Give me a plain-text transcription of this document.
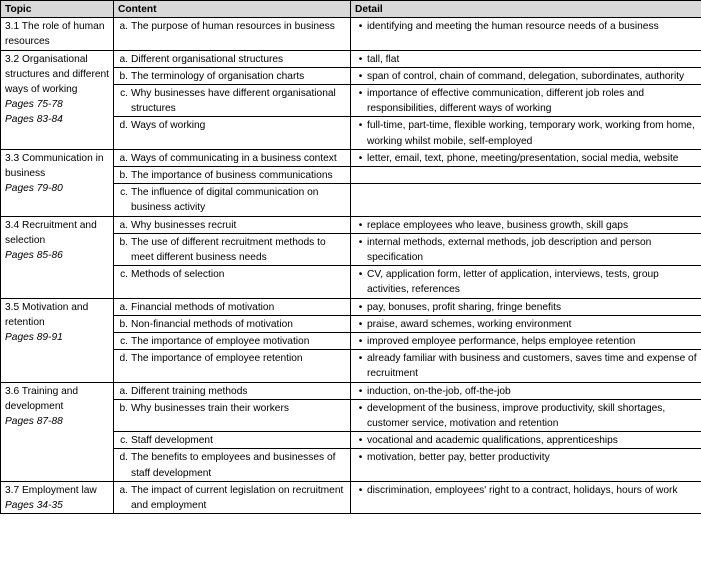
Topic	Content	Detail
3.1 The role of human resources	a. The purpose of human resources in business	• identifying and meeting the human resource needs of a business

3.2 Organisational structures and different ways of working
Pages 75-78
Pages 83-84	a. Different organisational structures	• tall, flat

	b. The terminology of organisation charts	• span of control, chain of command, delegation, subordinates, authority

	c. Why businesses have different organisational structures	• importance of effective communication, different job roles and responsibilities, different ways of working

	d. Ways of working	• full-time, part-time, flexible working, temporary work, working from home, working whilst mobile, self-employed

3.3 Communication in business
Pages 79-80	a. Ways of communicating in a business context	• letter, email, text, phone, meeting/presentation, social media, website

	b. The importance of business communications	

	c. The influence of digital communication on business activity	

3.4 Recruitment and selection
Pages 85-86	a. Why businesses recruit	• replace employees who leave, business growth, skill gaps

	b. The use of different recruitment methods to meet different business needs	• internal methods, external methods, job description and person specification

	c. Methods of selection	• CV, application form, letter of application, interviews, tests, group activities, references

3.5 Motivation and retention
Pages 89-91	a. Financial methods of motivation	• pay, bonuses, profit sharing, fringe benefits

	b. Non-financial methods of motivation	• praise, award schemes, working environment

	c. The importance of employee motivation	• improved employee performance, helps employee retention

	d. The importance of employee retention	• already familiar with business and customers, saves time and expense of recruitment

3.6 Training and development
Pages 87-88	a. Different training methods	• induction, on-the-job, off-the-job

	b. Why businesses train their workers	• development of the business, improve productivity, skill shortages, customer service, motivation and retention

	c. Staff development	• vocational and academic qualifications, apprenticeships

	d. The benefits to employees and businesses of staff development	• motivation, better pay, better productivity

3.7 Employment law Pages 34-35	a. The impact of current legislation on recruitment and employment	• discrimination, employees' right to a contract, holidays, hours of work
